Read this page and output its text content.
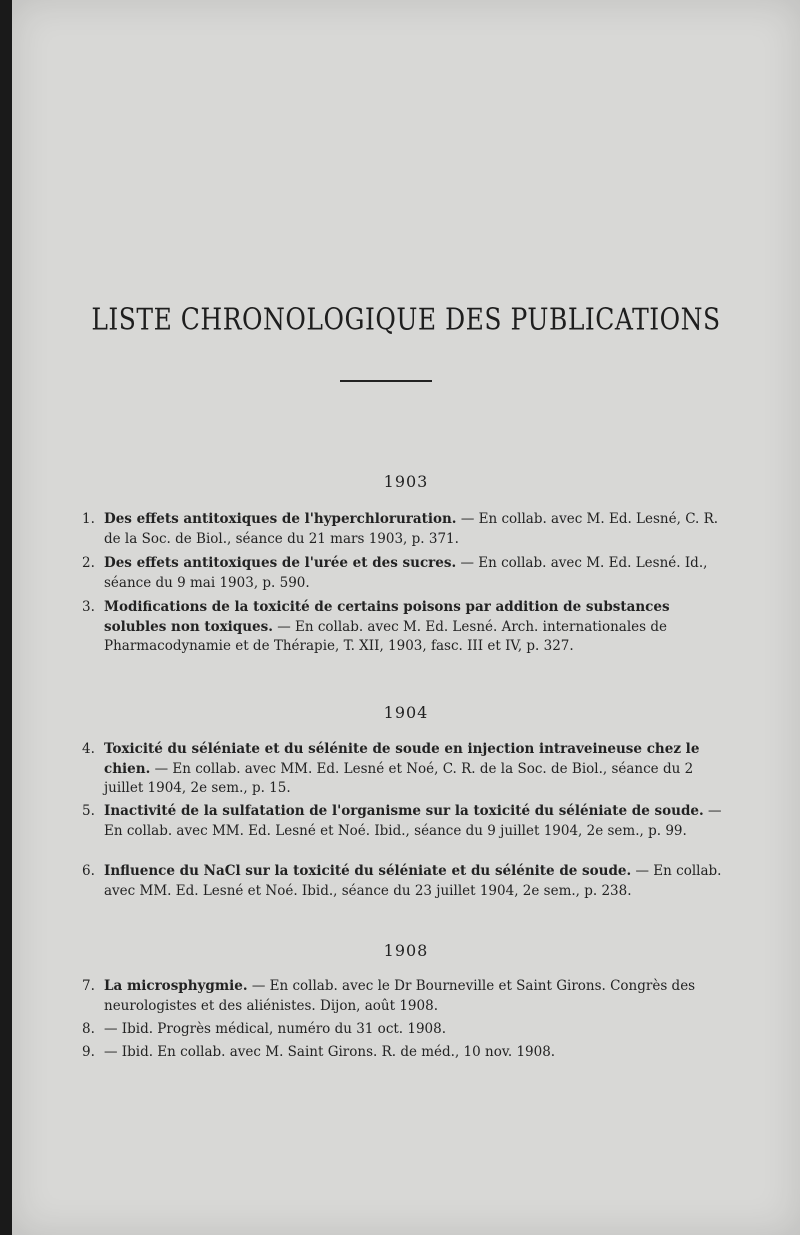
LISTE CHRONOLOGIQUE DES PUBLICATIONS
1903
1. Des effets antitoxiques de l'hyperchloruration. — En collab. avec M. Ed. Lesné, C. R. de la Soc. de Biol., séance du 21 mars 1903, p. 371.
2. Des effets antitoxiques de l'urée et des sucres. — En collab. avec M. Ed. Lesné. Id., séance du 9 mai 1903, p. 590.
3. Modifications de la toxicité de certains poisons par addition de substances solubles non toxiques. — En collab. avec M. Ed. Lesné. Arch. internationales de Pharmacodynamie et de Thérapie, T. XII, 1903, fasc. III et IV, p. 327.
1904
4. Toxicité du séléniate et du sélénite de soude en injection intraveineuse chez le chien. — En collab. avec MM. Ed. Lesné et Noé, C. R. de la Soc. de Biol., séance du 2 juillet 1904, 2e sem., p. 15.
5. Inactivité de la sulfatation de l'organisme sur la toxicité du séléniate de soude. — En collab. avec MM. Ed. Lesné et Noé. Ibid., séance du 9 juillet 1904, 2e sem., p. 99.
6. Influence du NaCl sur la toxicité du séléniate et du sélénite de soude. — En collab. avec MM. Ed. Lesné et Noé. Ibid., séance du 23 juillet 1904, 2e sem., p. 238.
1908
7. La microsphygmie. — En collab. avec le Dr Bourneville et Saint Girons. Congrès des neurologistes et des aliénistes. Dijon, août 1908.
8. — Ibid. Progrès médical, numéro du 31 oct. 1908.
9. — Ibid. En collab. avec M. Saint Girons. R. de méd., 10 nov. 1908.
